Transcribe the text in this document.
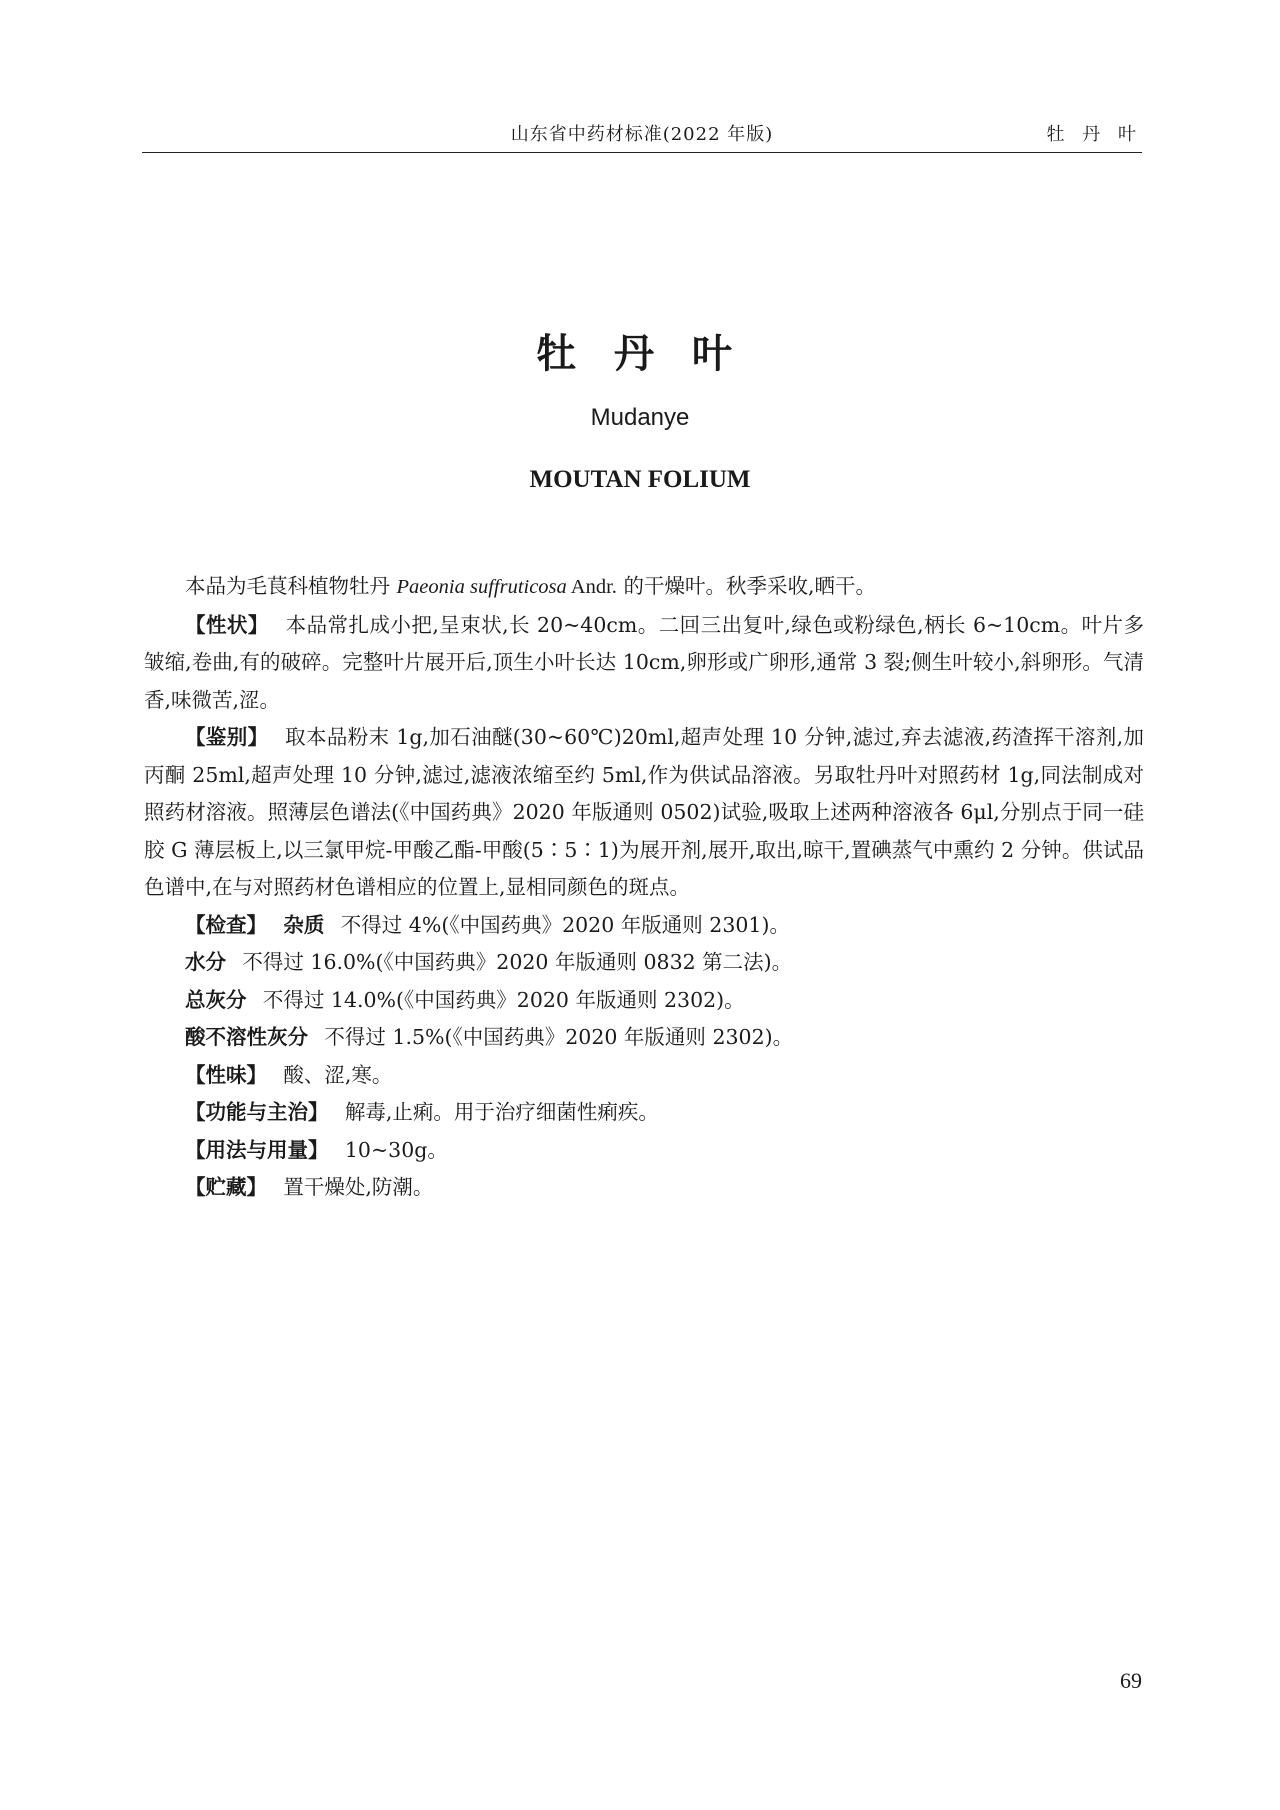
山东省中药材标准(2022 年版)	牡 丹 叶
牡 丹 叶
Mudanye
MOUTAN FOLIUM

本品为毛茛科植物牡丹 Paeonia suffruticosa Andr. 的干燥叶。秋季采收,晒干。

【性状】 本品常扎成小把,呈束状,长 20~40cm。二回三出复叶,绿色或粉绿色,柄长 6~10cm。叶片多皱缩,卷曲,有的破碎。完整叶片展开后,顶生小叶长达 10cm,卵形或广卵形,通常 3 裂;侧生叶较小,斜卵形。气清香,味微苦,涩。

【鉴别】 取本品粉末 1g,加石油醚(30~60℃)20ml,超声处理 10 分钟,滤过,弃去滤液,药渣挥干溶剂,加丙酮 25ml,超声处理 10 分钟,滤过,滤液浓缩至约 5ml,作为供试品溶液。另取牡丹叶对照药材 1g,同法制成对照药材溶液。照薄层色谱法(《中国药典》2020 年版通则 0502)试验,吸取上述两种溶液各 6μl,分别点于同一硅胶 G 薄层板上,以三氯甲烷-甲酸乙酯-甲酸(5∶5∶1)为展开剂,展开,取出,晾干,置碘蒸气中熏约 2 分钟。供试品色谱中,在与对照药材色谱相应的位置上,显相同颜色的斑点。

【检查】 杂质 不得过 4%(《中国药典》2020 年版通则 2301)。

水分 不得过 16.0%(《中国药典》2020 年版通则 0832 第二法)。

总灰分 不得过 14.0%(《中国药典》2020 年版通则 2302)。

酸不溶性灰分 不得过 1.5%(《中国药典》2020 年版通则 2302)。

【性味】 酸、涩,寒。

【功能与主治】 解毒,止痢。用于治疗细菌性痢疾。

【用法与用量】 10~30g。

【贮藏】 置干燥处,防潮。

69
